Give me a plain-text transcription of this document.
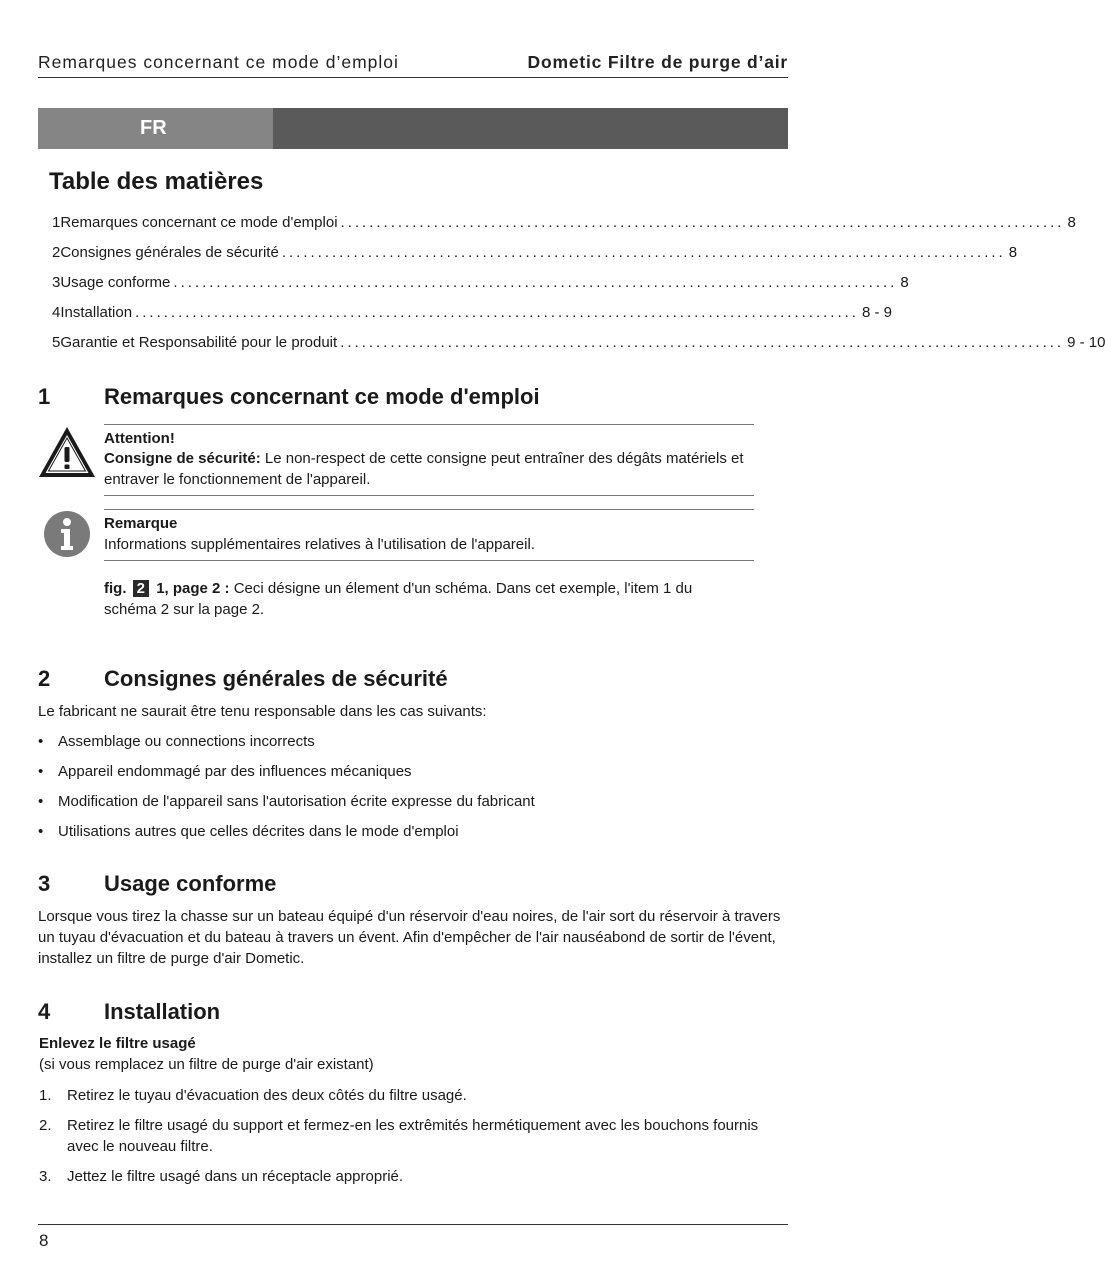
Remarques concernant ce mode d’emploi	Dometic Filtre de purge d’air
FR
Table des matières
1 Remarques concernant ce mode d'emploi ..................................................................................................... 8
2 Consignes générales de sécurité ..................................................................................................... 8
3 Usage conforme ..................................................................................................... 8
4 Installation ..................................................................................................... 8 - 9
5 Garantie et Responsabilité pour le produit ..................................................................................................... 9 - 10
1 Remarques concernant ce mode d'emploi
Attention!
Consigne de sécurité: Le non-respect de cette consigne peut entraîner des dégâts matériels et entraver le fonctionnement de l'appareil.
Remarque
Informations supplémentaires relatives à l'utilisation de l'appareil.
fig. 2 1, page 2 : Ceci désigne un élement d'un schéma. Dans cet exemple, l'item 1 du schéma 2 sur la page 2.
2 Consignes générales de sécurité
Le fabricant ne saurait être tenu responsable dans les cas suivants:
• Assemblage ou connections incorrects
• Appareil endommagé par des influences mécaniques
• Modification de l'appareil sans l'autorisation écrite expresse du fabricant
• Utilisations autres que celles décrites dans le mode d'emploi
3 Usage conforme
Lorsque vous tirez la chasse sur un bateau équipé d'un réservoir d'eau noires, de l'air sort du réservoir à travers un tuyau d'évacuation et du bateau à travers un évent. Afin d'empêcher de l'air nauséabond de sortir de l'évent, installez un filtre de purge d'air Dometic.
4 Installation
Enlevez le filtre usagé
(si vous remplacez un filtre de purge d'air existant)
1. Retirez le tuyau d'évacuation des deux côtés du filtre usagé.
2. Retirez le filtre usagé du support et fermez-en les extrêmités hermétiquement avec les bouchons fournis avec le nouveau filtre.
3. Jettez le filtre usagé dans un réceptacle approprié.
8
